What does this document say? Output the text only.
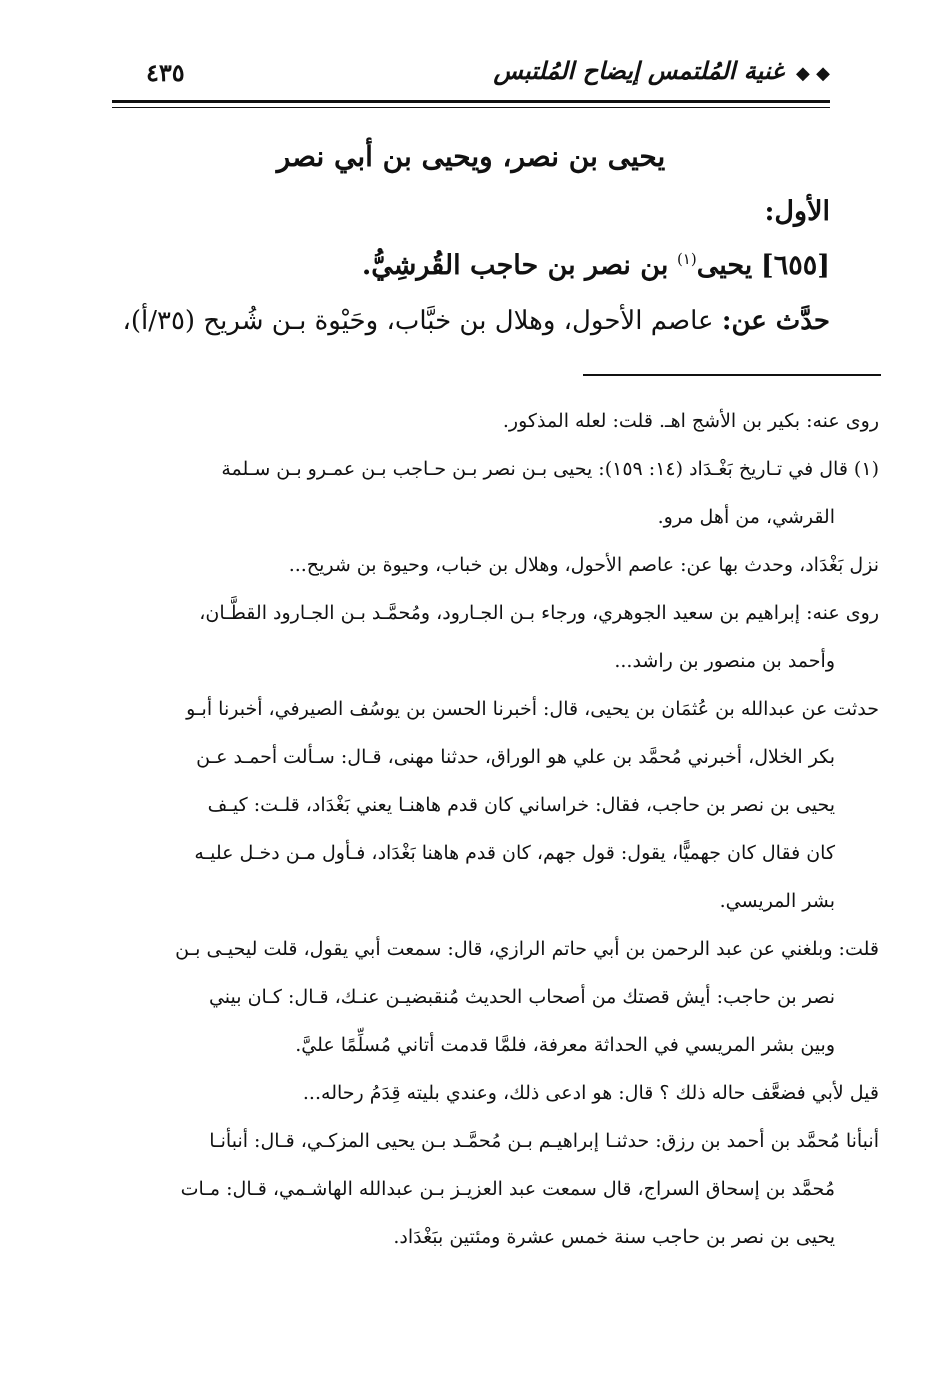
◆ ◆ غنية المُلتمس إيضاح المُلتبس
٤٣٥
يحيى بن نصر، ويحيى بن أبي نصر
الأول:
[٦٥٥] يحيى$^{(١)}$ بن نصر بن حاجب القُرشِيُّ.
حدَّث عن: عاصم الأحول، وهلال بن خبَّاب، وحَيْوة بـن شُريح (٣٥/أ)،
روى عنه: بكير بن الأشج اهـ. قلت: لعله المذكور.
(١) قال في تـاريخ بَغْـدَاد (١٤: ١٥٩): يحيى بـن نصر بـن حـاجب بـن عمـرو بـن سـلمة
القرشي، من أهل مرو.
نزل بَغْدَاد، وحدث بها عن: عاصم الأحول، وهلال بن خباب، وحيوة بن شريح...
روى عنه: إبراهيم بن سعيد الجوهري، ورجاء بـن الجـارود، ومُحمَّـد بـن الجـارود القطَّـان،
وأحمد بن منصور بن راشد...
حدثت عن عبدالله بن عُثمَان بن يحيى، قال: أخبرنا الحسن بن يوسُف الصيرفي، أخبرنا أبـو
بكر الخلال، أخبرني مُحمَّد بن علي هو الوراق، حدثنا مهنى، قـال: سـألت أحمـد عـن
يحيى بن نصر بن حاجب، فقال: خراساني كان قدم هاهنـا يعني بَغْدَاد، قلـت: كيـف
كان فقال كان جهميًّا، يقول: قول جهم، كان قدم هاهنا بَغْدَاد، فـأول مـن دخـل عليـه
بشر المريسي.
قلت: وبلغني عن عبد الرحمن بن أبي حاتم الرازي، قال: سمعت أبي يقول، قلت ليحيـى بـن
نصر بن حاجب: أيش قصتك من أصحاب الحديث مُنقبضيـن عنـك، قـال: كـان بيني
وبين بشر المريسي في الحداثة معرفة، فلمَّا قدمت أتاني مُسلِّمًا عليَّ.
قيل لأبي فضعَّف حاله ذلك ؟ قال: هو ادعى ذلك، وعندي بليته قِدَمُ رحاله...
أنبأنا مُحمَّد بن أحمد بن رزق: حدثنـا إبراهيـم بـن مُحمَّـد بـن يحيى المزكـي، قـال: أنبأنـا
مُحمَّد بن إسحاق السراج، قال سمعت عبد العزيـز بـن عبدالله الهاشـمي، قـال: مـات
يحيى بن نصر بن حاجب سنة خمس عشرة ومئتين ببَغْدَاد.
